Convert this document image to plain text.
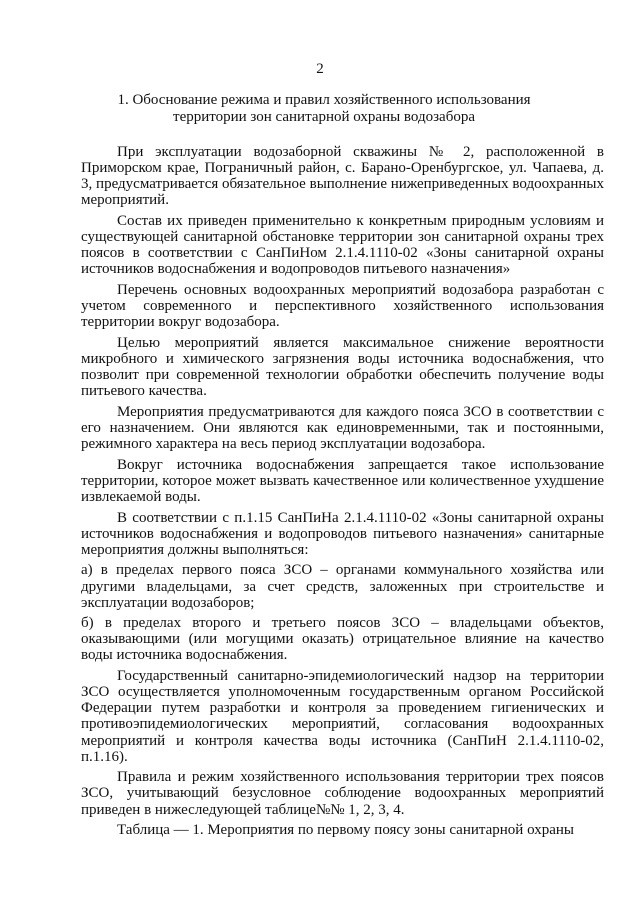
2
1. Обоснование режима и правил хозяйственного использования
территории зон санитарной охраны водозабора

При эксплуатации водозаборной скважины № 2, расположенной в Приморском крае, Пограничный район, с. Барано-Оренбургское, ул. Чапаева, д. 3, предусматривается обязательное выполнение нижеприведенных водоохранных мероприятий.

Состав их приведен применительно к конкретным природным условиям и существующей санитарной обстановке территории зон санитарной охраны трех поясов в соответствии с СанПиНом 2.1.4.1110-02 «Зоны санитарной охраны источников водоснабжения и водопроводов питьевого назначения»

Перечень основных водоохранных мероприятий водозабора разработан с учетом современного и перспективного хозяйственного использования территории вокруг водозабора.

Целью мероприятий является максимальное снижение вероятности микробного и химического загрязнения воды источника водоснабжения, что позволит при современной технологии обработки обеспечить получение воды питьевого качества.

Мероприятия предусматриваются для каждого пояса ЗСО в соответствии с его назначением. Они являются как единовременными, так и постоянными, режимного характера на весь период эксплуатации водозабора.

Вокруг источника водоснабжения запрещается такое использование территории, которое может вызвать качественное или количественное ухудшение извлекаемой воды.

В соответствии с п.1.15 СанПиНа 2.1.4.1110-02 «Зоны санитарной охраны источников водоснабжения и водопроводов питьевого назначения» санитарные мероприятия должны выполняться:

а) в пределах первого пояса ЗСО – органами коммунального хозяйства или другими владельцами, за счет средств, заложенных при строительстве и эксплуатации водозаборов;

б) в пределах второго и третьего поясов ЗСО – владельцами объектов, оказывающими (или могущими оказать) отрицательное влияние на качество воды источника водоснабжения.

Государственный санитарно-эпидемиологический надзор на территории ЗСО осуществляется уполномоченным государственным органом Российской Федерации путем разработки и контроля за проведением гигиенических и противоэпидемиологических мероприятий, согласования водоохранных мероприятий и контроля качества воды источника (СанПиН 2.1.4.1110-02, п.1.16).

Правила и режим хозяйственного использования территории трех поясов ЗСО, учитывающий безусловное соблюдение водоохранных мероприятий приведен в нижеследующей таблице№№ 1, 2, 3, 4.

Таблица — 1. Мероприятия по первому поясу зоны санитарной охраны
